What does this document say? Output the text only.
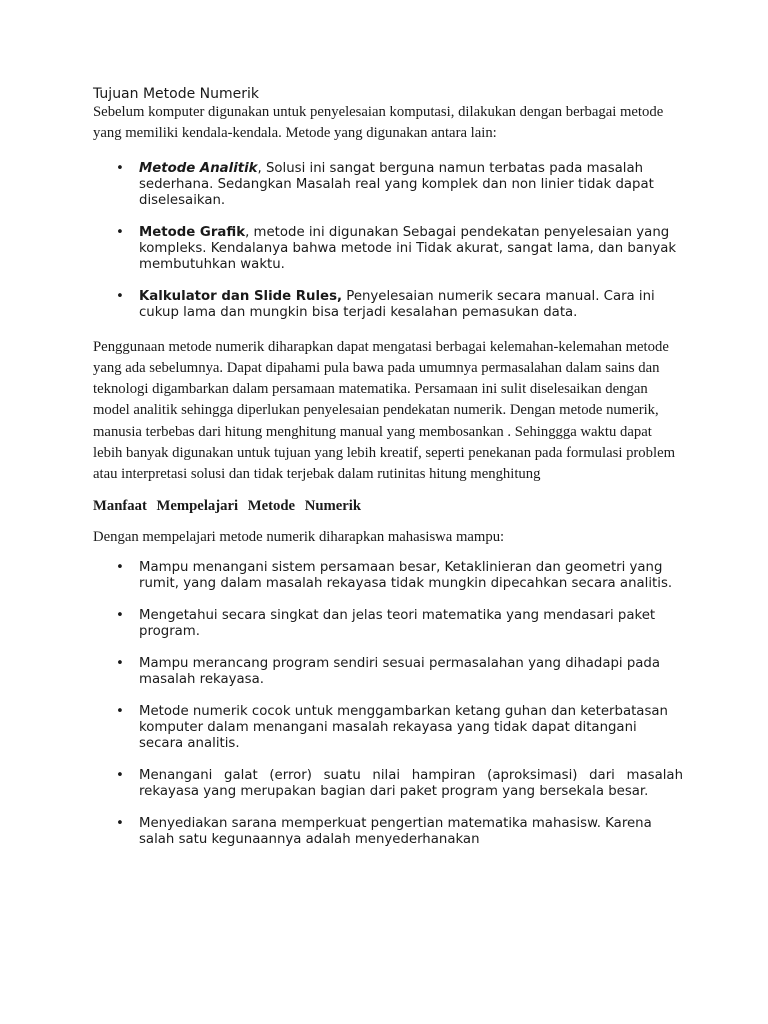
Tujuan Metode Numerik

Sebelum komputer digunakan untuk penyelesaian komputasi, dilakukan dengan berbagai metode yang memiliki kendala-kendala. Metode yang digunakan antara lain:

• Metode Analitik, Solusi ini sangat berguna namun terbatas pada masalah sederhana. Sedangkan Masalah real yang komplek dan non linier tidak dapat diselesaikan.
• Metode Grafik, metode ini digunakan Sebagai pendekatan penyelesaian yang kompleks. Kendalanya bahwa metode ini Tidak akurat, sangat lama, dan banyak membutuhkan waktu.
• Kalkulator dan Slide Rules, Penyelesaian numerik secara manual. Cara ini cukup lama dan mungkin bisa terjadi kesalahan pemasukan data.

Penggunaan metode numerik diharapkan dapat mengatasi berbagai kelemahan-kelemahan metode yang ada sebelumnya. Dapat dipahami pula bawa pada umumnya permasalahan dalam sains dan teknologi digambarkan dalam persamaan matematika. Persamaan ini sulit diselesaikan dengan model analitik sehingga diperlukan penyelesaian pendekatan numerik. Dengan metode numerik, manusia terbebas dari hitung menghitung manual yang membosankan . Sehinggga waktu dapat lebih banyak digunakan untuk tujuan yang lebih kreatif, seperti penekanan pada formulasi problem atau interpretasi solusi dan tidak terjebak dalam rutinitas hitung menghitung

Manfaat Mempelajari Metode Numerik

Dengan mempelajari metode numerik diharapkan mahasiswa mampu:

• Mampu menangani sistem persamaan besar, Ketaklinieran dan geometri yang rumit, yang dalam masalah rekayasa tidak mungkin dipecahkan secara analitis.
• Mengetahui secara singkat dan jelas teori matematika yang mendasari paket program.
• Mampu merancang program sendiri sesuai permasalahan yang dihadapi pada masalah rekayasa.
• Metode numerik cocok untuk menggambarkan ketang guhan dan keterbatasan komputer dalam menangani masalah rekayasa yang tidak dapat ditangani secara analitis.
• Menangani galat (error) suatu nilai hampiran (aproksimasi) dari masalah rekayasa yang merupakan bagian dari paket program yang bersekala besar.
• Menyediakan sarana memperkuat pengertian matematika mahasisw. Karena salah satu kegunaannya adalah menyederhanakan
